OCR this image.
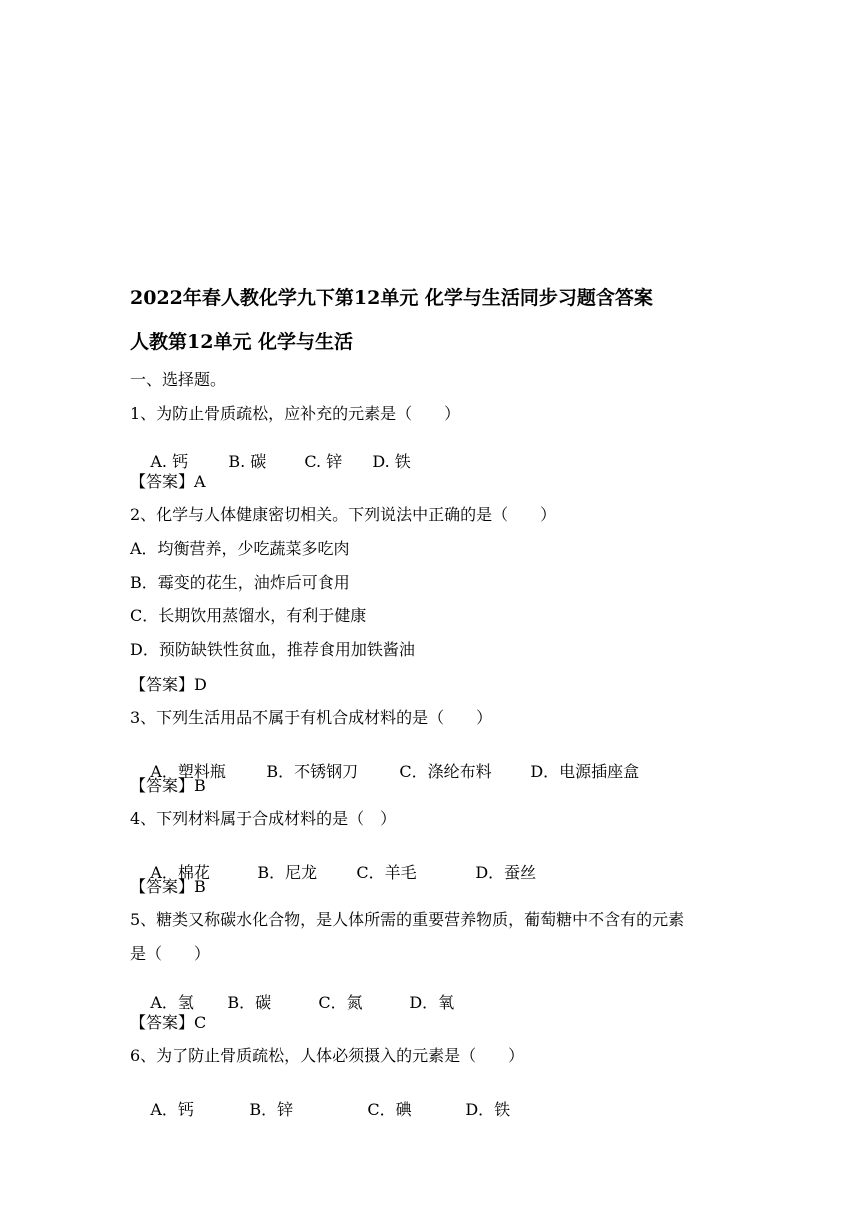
2022年春人教化学九下第12单元 化学与生活同步习题含答案
人教第12单元 化学与生活
一、选择题。
1、为防止骨质疏松，应补充的元素是（　　）

A. 钙	B. 碳 C. 锌 D. 铁

【答案】A
2、化学与人体健康密切相关。下列说法中正确的是（　　）
A．均衡营养，少吃蔬菜多吃肉
B．霉变的花生，油炸后可食用
C．长期饮用蒸馏水，有利于健康
D．预防缺铁性贫血，推荐食用加铁酱油
【答案】D
3、下列生活用品不属于有机合成材料的是（　　）

A．塑料瓶	B．不锈钢刀	C．涤纶布料 D．电源插座盒

【答案】B
4、下列材料属于合成材料的是（　）

A．棉花	B．尼龙 C．羊毛	D．蚕丝

【答案】B
5、糖类又称碳水化合物，是人体所需的重要营养物质，葡萄糖中不含有的元素
是（　　）

A．氢 B．碳	C．氮	D．氧

【答案】C
6、为了防止骨质疏松，人体必须摄入的元素是（　　）

A．钙	B．锌	C．碘	D．铁
